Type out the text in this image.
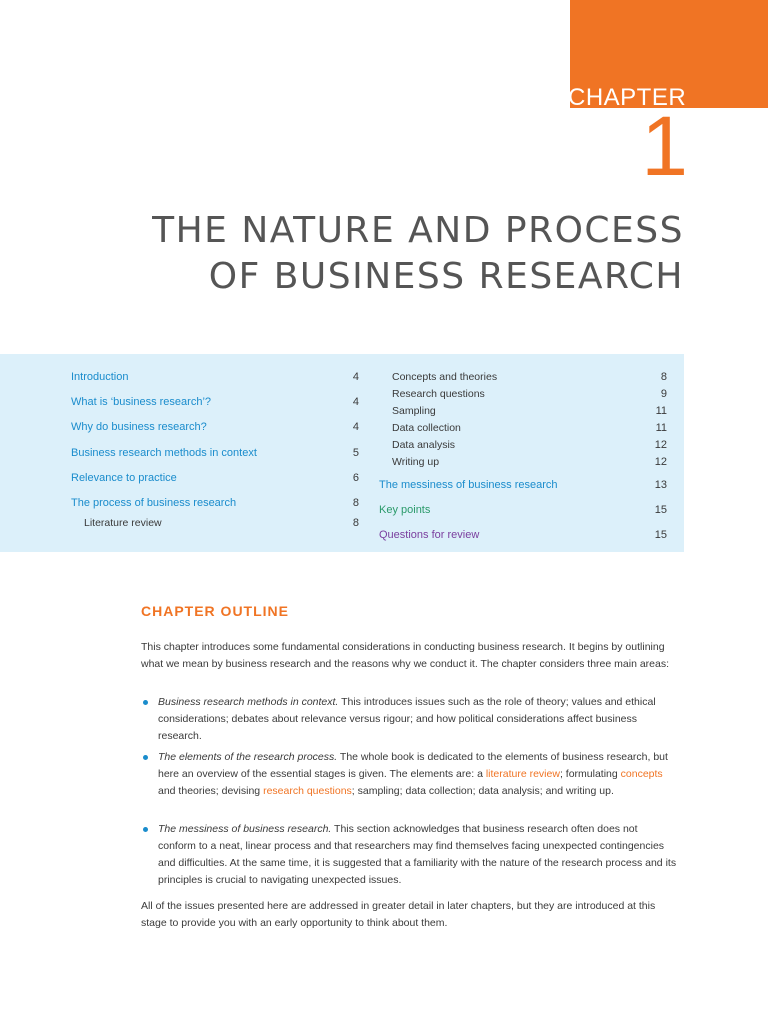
CHAPTER
1
THE NATURE AND PROCESS
OF BUSINESS RESEARCH
Introduction	4
What is ‘business research’?	4
Why do business research?	4
Business research methods in context	5
Relevance to practice	6
The process of business research	8
Literature review	8
Concepts and theories	8
Research questions	9
Sampling	11
Data collection	11
Data analysis	12
Writing up	12
The messiness of business research	13
Key points	15
Questions for review	15
CHAPTER OUTLINE

This chapter introduces some fundamental considerations in conducting business research. It begins by outlining what we mean by business research and the reasons why we conduct it. The chapter considers three main areas:

Business research methods in context. This introduces issues such as the role of theory; values and ethical considerations; debates about relevance versus rigour; and how political considerations affect business research.

The elements of the research process. The whole book is dedicated to the elements of business research, but here an overview of the essential stages is given. The elements are: a literature review; formulating concepts and theories; devising research questions; sampling; data collection; data analysis; and writing up.

The messiness of business research. This section acknowledges that business research often does not conform to a neat, linear process and that researchers may find themselves facing unexpected contingencies and difficulties. At the same time, it is suggested that a familiarity with the nature of the research process and its principles is crucial to navigating unexpected issues.

All of the issues presented here are addressed in greater detail in later chapters, but they are introduced at this stage to provide you with an early opportunity to think about them.
